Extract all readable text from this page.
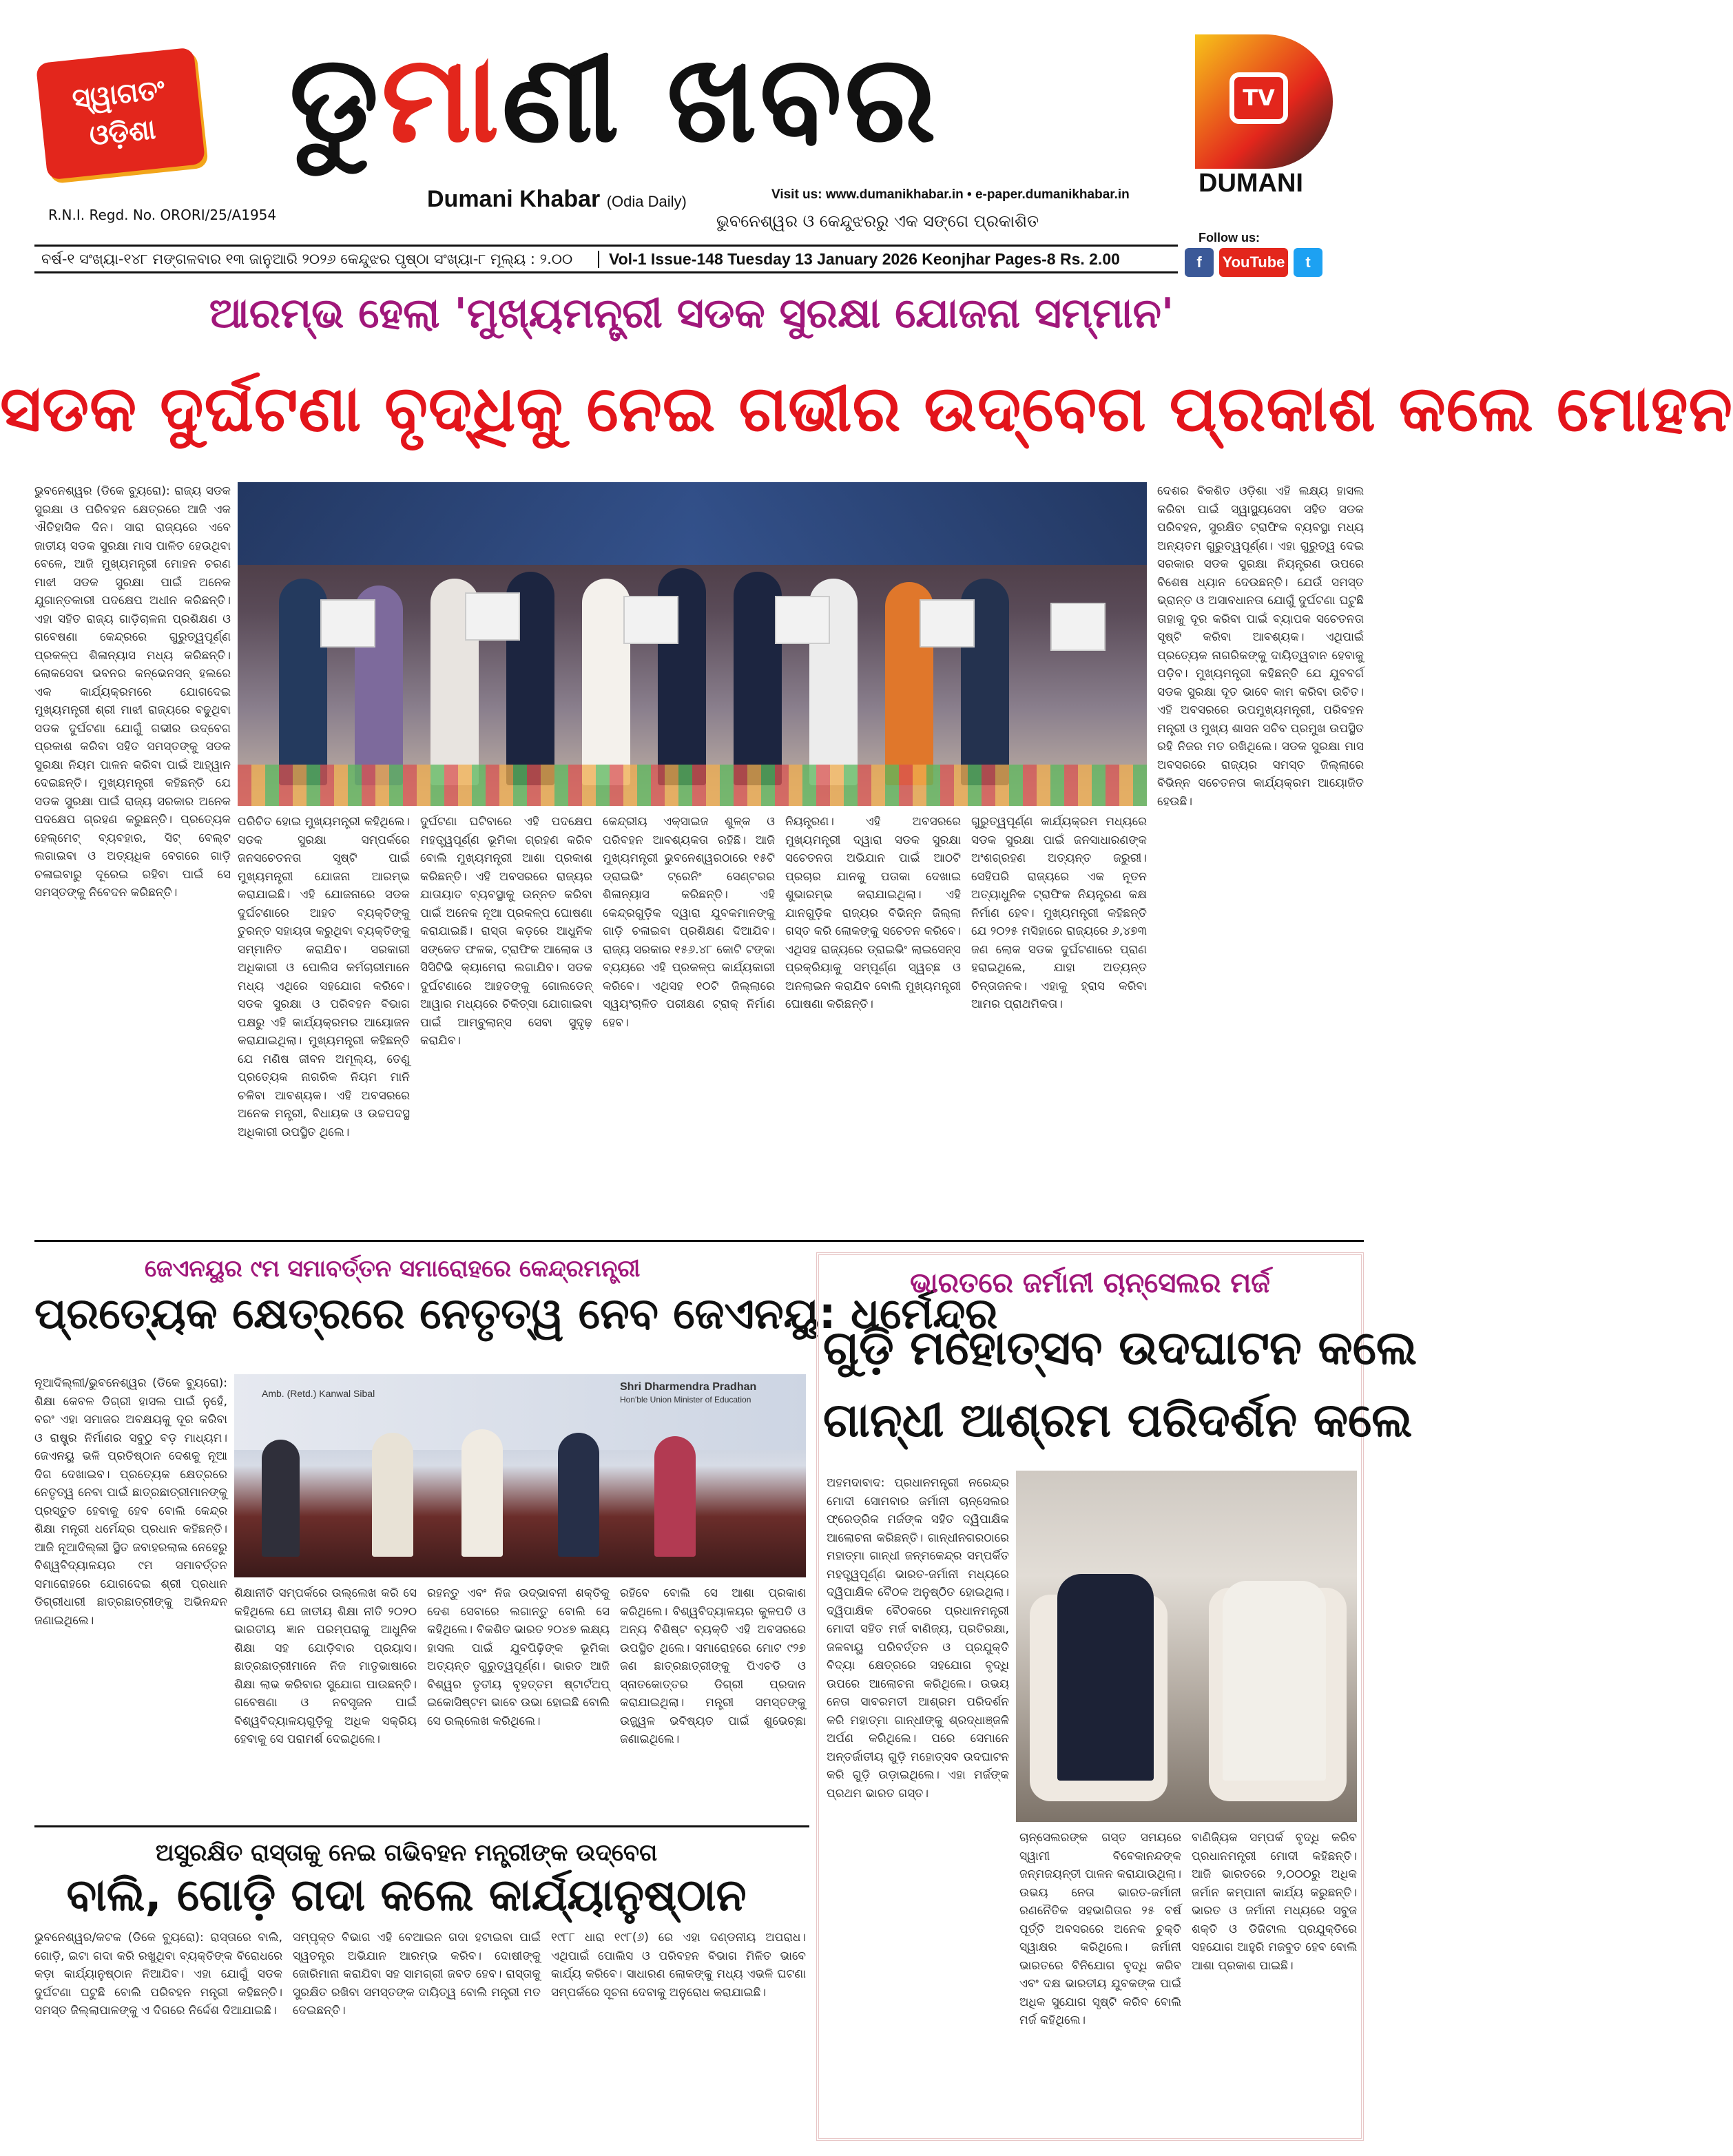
ସ୍ୱାଗତଂ
ଓଡ଼ିଶା
R.N.I. Regd. No. ORORI/25/A1954
ଡୁମାଣୀ ଖବର
Dumani Khabar (Odia Daily)	Visit us: www.dumanikhabar.in • e-paper.dumanikhabar.in
ଭୁବନେଶ୍ୱର ଓ କେନ୍ଦୁଝରରୁ ଏକ ସଙ୍ଗେ ପ୍ରକାଶିତ
TV
DUMANI
Follow us:
f	YouTube	t
ବର୍ଷ-୧ ସଂଖ୍ୟା-୧୪୮ ମଙ୍ଗଳବାର ୧୩ ଜାନୁଆରି ୨୦୨୬ କେନ୍ଦୁଝର ପୃଷ୍ଠା ସଂଖ୍ୟା-୮ ମୂଲ୍ୟ : ୨.୦୦	Vol-1 Issue-148 Tuesday 13 January 2026 Keonjhar Pages-8 Rs. 2.00
ଆରମ୍ଭ ହେଲା 'ମୁଖ୍ୟମନ୍ତ୍ରୀ ସଡକ ସୁରକ୍ଷା ଯୋଜନା ସମ୍ମାନ'
ସଡକ ଦୁର୍ଘଟଣା ବୃଦ୍ଧିକୁ ନେଇ ଗଭୀର ଉଦ୍‌ବେଗ ପ୍ରକାଶ କଲେ ମୋହନ
ଭୁବନେଶ୍ୱର (ଡିକେ ବ୍ୟୁରୋ): ରାଜ୍ୟ ସଡକ ସୁରକ୍ଷା ଓ ପରିବହନ କ୍ଷେତ୍ରରେ ଆଜି ଏକ ଐତିହାସିକ ଦିନ। ସାରା ରାଜ୍ୟରେ ଏବେ ଜାତୀୟ ସଡକ ସୁରକ୍ଷା ମାସ ପାଳିତ ହେଉଥିବା ବେଳେ, ଆଜି ମୁଖ୍ୟମନ୍ତ୍ରୀ ମୋହନ ଚରଣ ମାଝୀ ସଡକ ସୁରକ୍ଷା ପାଇଁ ଅନେକ ଯୁଗାନ୍ତକାରୀ ପଦକ୍ଷେପ ଅଧୀନ କରିଛନ୍ତି। ଏହା ସହିତ ରାଜ୍ୟ ଗାଡ଼ିଚାଳନା ପ୍ରଶିକ୍ଷଣ ଓ ଗବେଷଣା କେନ୍ଦ୍ରରେ ଗୁରୁତ୍ୱପୂର୍ଣ୍ଣ ପ୍ରକଳ୍ପ ଶିଳାନ୍ୟାସ ମଧ୍ୟ କରିଛନ୍ତି। ଲୋକସେବା ଭବନର କନ୍‌ଭେନସନ୍ ହଲରେ ଏକ କାର୍ଯ୍ୟକ୍ରମରେ ଯୋଗଦେଇ ମୁଖ୍ୟମନ୍ତ୍ରୀ ଶ୍ରୀ ମାଝୀ ରାଜ୍ୟରେ ବଢୁଥିବା ସଡକ ଦୁର୍ଘଟଣା ଯୋଗୁଁ ଗଭୀର ଉଦ୍‌ବେଗ ପ୍ରକାଶ କରିବା ସହିତ ସମସ୍ତଙ୍କୁ ସଡକ ସୁରକ୍ଷା ନିୟମ ପାଳନ କରିବା ପାଇଁ ଆହ୍ୱାନ ଦେଇଛନ୍ତି। ମୁଖ୍ୟମନ୍ତ୍ରୀ କହିଛନ୍ତି ଯେ ସଡକ ସୁରକ୍ଷା ପାଇଁ ରାଜ୍ୟ ସରକାର ଅନେକ ପଦକ୍ଷେପ ଗ୍ରହଣ କରୁଛନ୍ତି। ପ୍ରତ୍ୟେକ ହେଲ୍‌ମେଟ୍ ବ୍ୟବହାର, ସିଟ୍ ବେଲ୍ଟ ଲଗାଇବା ଓ ଅତ୍ୟଧିକ ବେଗରେ ଗାଡ଼ି ଚଳାଇବାରୁ ଦୂରେଇ ରହିବା ପାଇଁ ସେ ସମସ୍ତଙ୍କୁ ନିବେଦନ କରିଛନ୍ତି।
ଦେଶର ବିକଶିତ ଓଡ଼ିଶା ଏହି ଲକ୍ଷ୍ୟ ହାସଲ କରିବା ପାଇଁ ସ୍ୱାସ୍ଥ୍ୟସେବା ସହିତ ସଡକ ପରିବହନ, ସୁରକ୍ଷିତ ଟ୍ରାଫିକ ବ୍ୟବସ୍ଥା ମଧ୍ୟ ଅନ୍ୟତମ ଗୁରୁତ୍ୱପୂର୍ଣ୍ଣ। ଏହା ଗୁରୁତ୍ୱ ଦେଇ ସରକାର ସଡକ ସୁରକ୍ଷା ନିୟନ୍ତ୍ରଣ ଉପରେ ବିଶେଷ ଧ୍ୟାନ ଦେଉଛନ୍ତି। ଯେଉଁ ସମସ୍ତ ଭ୍ରାନ୍ତ ଓ ଅସାବଧାନତା ଯୋଗୁଁ ଦୁର୍ଘଟଣା ଘଟୁଛି ତାହାକୁ ଦୂର କରିବା ପାଇଁ ବ୍ୟାପକ ସଚେତନତା ସୃଷ୍ଟି କରିବା ଆବଶ୍ୟକ। ଏଥିପାଇଁ ପ୍ରତ୍ୟେକ ନାଗରିକଙ୍କୁ ଦାୟିତ୍ୱବାନ ହେବାକୁ ପଡ଼ିବ। ମୁଖ୍ୟମନ୍ତ୍ରୀ କହିଛନ୍ତି ଯେ ଯୁବବର୍ଗ ସଡକ ସୁରକ୍ଷା ଦୂତ ଭାବେ କାମ କରିବା ଉଚିତ। ଏହି ଅବସରରେ ଉପମୁଖ୍ୟମନ୍ତ୍ରୀ, ପରିବହନ ମନ୍ତ୍ରୀ ଓ ମୁଖ୍ୟ ଶାସନ ସଚିବ ପ୍ରମୁଖ ଉପସ୍ଥିତ ରହି ନିଜର ମତ ରଖିଥିଲେ। ସଡକ ସୁରକ୍ଷା ମାସ ଅବସରରେ ରାଜ୍ୟର ସମସ୍ତ ଜିଲ୍ଲାରେ ବିଭିନ୍ନ ସଚେତନତା କାର୍ଯ୍ୟକ୍ରମ ଆୟୋଜିତ ହେଉଛି।
ପରିଚିତ ହୋଇ ମୁଖ୍ୟମନ୍ତ୍ରୀ କହିଥିଲେ। ସଡକ ସୁରକ୍ଷା ସମ୍ପର୍କରେ ଜନସଚେତନତା ସୃଷ୍ଟି ପାଇଁ ମୁଖ୍ୟମନ୍ତ୍ରୀ ଯୋଜନା ଆରମ୍ଭ କରାଯାଇଛି। ଏହି ଯୋଜନାରେ ସଡକ ଦୁର୍ଘଟଣାରେ ଆହତ ବ୍ୟକ୍ତିଙ୍କୁ ତୁରନ୍ତ ସହାୟତା କରୁଥିବା ବ୍ୟକ୍ତିଙ୍କୁ ସମ୍ମାନିତ କରାଯିବ। ସରକାରୀ ଅଧିକାରୀ ଓ ପୋଲିସ କର୍ମଚାରୀମାନେ ମଧ୍ୟ ଏଥିରେ ସହଯୋଗ କରିବେ। ସଡକ ସୁରକ୍ଷା ଓ ପରିବହନ ବିଭାଗ ପକ୍ଷରୁ ଏହି କାର୍ଯ୍ୟକ୍ରମର ଆୟୋଜନ କରାଯାଇଥିଲା। ମୁଖ୍ୟମନ୍ତ୍ରୀ କହିଛନ୍ତି ଯେ ମଣିଷ ଜୀବନ ଅମୂଲ୍ୟ, ତେଣୁ ପ୍ରତ୍ୟେକ ନାଗରିକ ନିୟମ ମାନି ଚଳିବା ଆବଶ୍ୟକ। ଏହି ଅବସରରେ ଅନେକ ମନ୍ତ୍ରୀ, ବିଧାୟକ ଓ ଉଚ୍ଚପଦସ୍ଥ ଅଧିକାରୀ ଉପସ୍ଥିତ ଥିଲେ।
ଦୁର୍ଘଟଣା ଘଟିବାରେ ଏହି ପଦକ୍ଷେପ ମହତ୍ତ୍ୱପୂର୍ଣ୍ଣ ଭୂମିକା ଗ୍ରହଣ କରିବ ବୋଲି ମୁଖ୍ୟମନ୍ତ୍ରୀ ଆଶା ପ୍ରକାଶ କରିଛନ୍ତି। ଏହି ଅବସରରେ ରାଜ୍ୟର ଯାତାୟାତ ବ୍ୟବସ୍ଥାକୁ ଉନ୍ନତ କରିବା ପାଇଁ ଅନେକ ନୂଆ ପ୍ରକଳ୍ପ ଘୋଷଣା କରାଯାଇଛି। ରାସ୍ତା କଡ଼ରେ ଆଧୁନିକ ସଙ୍କେତ ଫଳକ, ଟ୍ରାଫିକ ଆଲୋକ ଓ ସିସିଟିଭି କ୍ୟାମେରା ଲଗାଯିବ। ସଡକ ଦୁର୍ଘଟଣାରେ ଆହତଙ୍କୁ ଗୋଲଡେନ୍ ଆୱାର ମଧ୍ୟରେ ଚିକିତ୍ସା ଯୋଗାଇବା ପାଇଁ ଆମ୍ବୁଲାନ୍ସ ସେବା ସୁଦୃଢ଼ କରାଯିବ।
କେନ୍ଦ୍ରୀୟ ଏକ୍ସାଇଜ ଶୁଳ୍କ ଓ ପରିବହନ ଆବଶ୍ୟକତା ରହିଛି। ଆଜି ମୁଖ୍ୟମନ୍ତ୍ରୀ ଭୁବନେଶ୍ୱରଠାରେ ୧୫ଟି ଡ୍ରାଇଭିଂ ଟ୍ରେନିଂ ସେଣ୍ଟରର ଶିଳାନ୍ୟାସ କରିଛନ୍ତି। ଏହି କେନ୍ଦ୍ରଗୁଡ଼ିକ ଦ୍ୱାରା ଯୁବକମାନଙ୍କୁ ଗାଡ଼ି ଚଳାଇବା ପ୍ରଶିକ୍ଷଣ ଦିଆଯିବ। ରାଜ୍ୟ ସରକାର ୧୫୬.୪୮ କୋଟି ଟଙ୍କା ବ୍ୟୟରେ ଏହି ପ୍ରକଳ୍ପ କାର୍ଯ୍ୟକାରୀ କରିବେ। ଏଥିସହ ୧୦ଟି ଜିଲ୍ଲାରେ ସ୍ୱୟଂଚାଳିତ ପରୀକ୍ଷଣ ଟ୍ରାକ୍ ନିର୍ମାଣ ହେବ।
ନିୟନ୍ତ୍ରଣ। ଏହି ଅବସରରେ ମୁଖ୍ୟମନ୍ତ୍ରୀ ଦ୍ୱାରା ସଡକ ସୁରକ୍ଷା ସଚେତନତା ଅଭିଯାନ ପାଇଁ ଆଠଟି ପ୍ରଚାର ଯାନକୁ ପତାକା ଦେଖାଇ ଶୁଭାରମ୍ଭ କରାଯାଇଥିଲା। ଏହି ଯାନଗୁଡ଼ିକ ରାଜ୍ୟର ବିଭିନ୍ନ ଜିଲ୍ଲା ଗସ୍ତ କରି ଲୋକଙ୍କୁ ସଚେତନ କରିବେ। ଏଥିସହ ରାଜ୍ୟରେ ଡ୍ରାଇଭିଂ ଲାଇସେନ୍ସ ପ୍ରକ୍ରିୟାକୁ ସମ୍ପୂର୍ଣ୍ଣ ସ୍ୱଚ୍ଛ ଓ ଅନଲାଇନ କରାଯିବ ବୋଲି ମୁଖ୍ୟମନ୍ତ୍ରୀ ଘୋଷଣା କରିଛନ୍ତି।
ଗୁରୁତ୍ୱପୂର୍ଣ୍ଣ କାର୍ଯ୍ୟକ୍ରମ ମଧ୍ୟରେ ସଡକ ସୁରକ୍ଷା ପାଇଁ ଜନସାଧାରଣଙ୍କ ଅଂଶଗ୍ରହଣ ଅତ୍ୟନ୍ତ ଜରୁରୀ। ସେହିପରି ରାଜ୍ୟରେ ଏକ ନୂତନ ଅତ୍ୟାଧୁନିକ ଟ୍ରାଫିକ ନିୟନ୍ତ୍ରଣ କକ୍ଷ ନିର୍ମାଣ ହେବ। ମୁଖ୍ୟମନ୍ତ୍ରୀ କହିଛନ୍ତି ଯେ ୨୦୨୫ ମସିହାରେ ରାଜ୍ୟରେ ୬,୪୭୩ ଜଣ ଲୋକ ସଡକ ଦୁର୍ଘଟଣାରେ ପ୍ରାଣ ହରାଇଥିଲେ, ଯାହା ଅତ୍ୟନ୍ତ ଚିନ୍ତାଜନକ। ଏହାକୁ ହ୍ରାସ କରିବା ଆମର ପ୍ରାଥମିକତା।
ଜେଏନୟୁର ୯ମ ସମାବର୍ତ୍ତନ ସମାରୋହରେ କେନ୍ଦ୍ରମନ୍ତ୍ରୀ
ପ୍ରତ୍ୟେକ କ୍ଷେତ୍ରରେ ନେତୃତ୍ୱ ନେବ ଜେଏନୟୁ: ଧର୍ମେନ୍ଦ୍ର
ନୂଆଦିଲ୍ଲୀ/ଭୁବନେଶ୍ୱର (ଡିକେ ବ୍ୟୁରୋ): ଶିକ୍ଷା କେବଳ ଡିଗ୍ରୀ ହାସଲ ପାଇଁ ନୁହେଁ, ବରଂ ଏହା ସମାଜର ଅବକ୍ଷୟକୁ ଦୂର କରିବା ଓ ରାଷ୍ଟ୍ର ନିର୍ମାଣର ସବୁଠୁ ବଡ଼ ମାଧ୍ୟମ। ଜେଏନୟୁ ଭଳି ପ୍ରତିଷ୍ଠାନ ଦେଶକୁ ନୂଆ ଦିଗ ଦେଖାଇବ। ପ୍ରତ୍ୟେକ କ୍ଷେତ୍ରରେ ନେତୃତ୍ୱ ନେବା ପାଇଁ ଛାତ୍ରଛାତ୍ରୀମାନଙ୍କୁ ପ୍ରସ୍ତୁତ ହେବାକୁ ହେବ ବୋଲି କେନ୍ଦ୍ର ଶିକ୍ଷା ମନ୍ତ୍ରୀ ଧର୍ମେନ୍ଦ୍ର ପ୍ରଧାନ କହିଛନ୍ତି। ଆଜି ନୂଆଦିଲ୍ଲୀ ସ୍ଥିତ ଜବାହରଲାଲ ନେହେରୁ ବିଶ୍ୱବିଦ୍ୟାଳୟର ୯ମ ସମାବର୍ତ୍ତନ ସମାରୋହରେ ଯୋଗଦେଇ ଶ୍ରୀ ପ୍ରଧାନ ଡିଗ୍ରୀଧାରୀ ଛାତ୍ରଛାତ୍ରୀଙ୍କୁ ଅଭିନନ୍ଦନ ଜଣାଇଥିଲେ।
Amb. (Retd.) Kanwal Sibal
Shri Dharmendra Pradhan
Hon'ble Union Minister of Education
ଶିକ୍ଷାନୀତି ସମ୍ପର୍କରେ ଉଲ୍ଲେଖ କରି ସେ କହିଥିଲେ ଯେ ଜାତୀୟ ଶିକ୍ଷା ନୀତି ୨୦୨୦ ଭାରତୀୟ ଜ୍ଞାନ ପରମ୍ପରାକୁ ଆଧୁନିକ ଶିକ୍ଷା ସହ ଯୋଡ଼ିବାର ପ୍ରୟାସ। ଛାତ୍ରଛାତ୍ରୀମାନେ ନିଜ ମାତୃଭାଷାରେ ଶିକ୍ଷା ଲାଭ କରିବାର ସୁଯୋଗ ପାଉଛନ୍ତି। ଗବେଷଣା ଓ ନବସୃଜନ ପାଇଁ ବିଶ୍ୱବିଦ୍ୟାଳୟଗୁଡ଼ିକୁ ଅଧିକ ସକ୍ରିୟ ହେବାକୁ ସେ ପରାମର୍ଶ ଦେଇଥିଲେ।
ରହନ୍ତୁ ଏବଂ ନିଜ ଉଦ୍ଭାବନୀ ଶକ୍ତିକୁ ଦେଶ ସେବାରେ ଲଗାନ୍ତୁ ବୋଲି ସେ କହିଥିଲେ। ବିକଶିତ ଭାରତ ୨୦୪୭ ଲକ୍ଷ୍ୟ ହାସଲ ପାଇଁ ଯୁବପିଢ଼ିଙ୍କ ଭୂମିକା ଅତ୍ୟନ୍ତ ଗୁରୁତ୍ୱପୂର୍ଣ୍ଣ। ଭାରତ ଆଜି ବିଶ୍ୱର ତୃତୀୟ ବୃହତ୍ତମ ଷ୍ଟାର୍ଟଅପ୍ ଇକୋସିଷ୍ଟମ ଭାବେ ଉଭା ହୋଇଛି ବୋଲି ସେ ଉଲ୍ଲେଖ କରିଥିଲେ।
ରହିବେ ବୋଲି ସେ ଆଶା ପ୍ରକାଶ କରିଥିଲେ। ବିଶ୍ୱବିଦ୍ୟାଳୟର କୁଳପତି ଓ ଅନ୍ୟ ବିଶିଷ୍ଟ ବ୍ୟକ୍ତି ଏହି ଅବସରରେ ଉପସ୍ଥିତ ଥିଲେ। ସମାରୋହରେ ମୋଟ ୯୨୭ ଜଣ ଛାତ୍ରଛାତ୍ରୀଙ୍କୁ ପିଏଚଡି ଓ ସ୍ନାତକୋତ୍ତର ଡିଗ୍ରୀ ପ୍ରଦାନ କରାଯାଇଥିଲା। ମନ୍ତ୍ରୀ ସମସ୍ତଙ୍କୁ ଉଜ୍ଜ୍ୱଳ ଭବିଷ୍ୟତ ପାଇଁ ଶୁଭେଚ୍ଛା ଜଣାଇଥିଲେ।
ଭାରତରେ ଜର୍ମାନୀ ଚାନ୍ସେଲର ମର୍ଜ
ଗୁଡ଼ି ମହୋତ୍ସବ ଉଦଘାଟନ କଲେ
ଗାନ୍ଧୀ ଆଶ୍ରମ ପରିଦର୍ଶନ କଲେ
ଅହମଦାବାଦ: ପ୍ରଧାନମନ୍ତ୍ରୀ ନରେନ୍ଦ୍ର ମୋଦୀ ସୋମବାର ଜର୍ମାନୀ ଚାନ୍ସେଲର ଫ୍ରେଡ୍ରିକ ମର୍ଜଙ୍କ ସହିତ ଦ୍ୱିପାକ୍ଷିକ ଆଲୋଚନା କରିଛନ୍ତି। ଗାନ୍ଧୀନଗରଠାରେ ମହାତ୍ମା ଗାନ୍ଧୀ ଜନ୍ମକେନ୍ଦ୍ର ସମ୍ପର୍କିତ ମହତ୍ତ୍ୱପୂର୍ଣ୍ଣ ଭାରତ-ଜର୍ମାନୀ ମଧ୍ୟରେ ଦ୍ୱିପାକ୍ଷିକ ବୈଠକ ଅନୁଷ୍ଠିତ ହୋଇଥିଲା। ଦ୍ୱିପାକ୍ଷିକ ବୈଠକରେ ପ୍ରଧାନମନ୍ତ୍ରୀ ମୋଦୀ ସହିତ ମର୍ଜ ବାଣିଜ୍ୟ, ପ୍ରତିରକ୍ଷା, ଜଳବାୟୁ ପରିବର୍ତ୍ତନ ଓ ପ୍ରଯୁକ୍ତି ବିଦ୍ୟା କ୍ଷେତ୍ରରେ ସହଯୋଗ ବୃଦ୍ଧି ଉପରେ ଆଲୋଚନା କରିଥିଲେ। ଉଭୟ ନେତା ସାବରମତୀ ଆଶ୍ରମ ପରିଦର୍ଶନ କରି ମହାତ୍ମା ଗାନ୍ଧୀଙ୍କୁ ଶ୍ରଦ୍ଧାଞ୍ଜଳି ଅର୍ପଣ କରିଥିଲେ। ପରେ ସେମାନେ ଅନ୍ତର୍ଜାତୀୟ ଗୁଡ଼ି ମହୋତ୍ସବ ଉଦଘାଟନ କରି ଗୁଡ଼ି ଉଡ଼ାଇଥିଲେ। ଏହା ମର୍ଜଙ୍କ ପ୍ରଥମ ଭାରତ ଗସ୍ତ।
ଚାନ୍ସେଲରଙ୍କ ଗସ୍ତ ସମୟରେ ସ୍ୱାମୀ ବିବେକାନନ୍ଦଙ୍କ ଜନ୍ମଜୟନ୍ତୀ ପାଳନ କରାଯାଉଥିଲା। ଉଭୟ ନେତା ଭାରତ-ଜର୍ମାନୀ ରଣନୈତିକ ସହଭାଗିତାର ୨୫ ବର୍ଷ ପୂର୍ତ୍ତି ଅବସରରେ ଅନେକ ଚୁକ୍ତି ସ୍ୱାକ୍ଷର କରିଥିଲେ। ଜର୍ମାନୀ ଭାରତରେ ବିନିଯୋଗ ବୃଦ୍ଧି କରିବ ଏବଂ ଦକ୍ଷ ଭାରତୀୟ ଯୁବକଙ୍କ ପାଇଁ ଅଧିକ ସୁଯୋଗ ସୃଷ୍ଟି କରିବ ବୋଲି ମର୍ଜ କହିଥିଲେ।
ବାଣିଜ୍ୟିକ ସମ୍ପର୍କ ବୃଦ୍ଧି କରିବ ପ୍ରଧାନମନ୍ତ୍ରୀ ମୋଦୀ କହିଛନ୍ତି। ଆଜି ଭାରତରେ ୨,୦୦୦ରୁ ଅଧିକ ଜର୍ମାନ କମ୍ପାନୀ କାର୍ଯ୍ୟ କରୁଛନ୍ତି। ଭାରତ ଓ ଜର୍ମାନୀ ମଧ୍ୟରେ ସବୁଜ ଶକ୍ତି ଓ ଡିଜିଟାଲ ପ୍ରଯୁକ୍ତିରେ ସହଯୋଗ ଆହୁରି ମଜବୁତ ହେବ ବୋଲି ଆଶା ପ୍ରକାଶ ପାଇଛି।
ଅସୁରକ୍ଷିତ ରାସ୍ତାକୁ ନେଇ ଗଭିବହନ ମନ୍ତ୍ରୀଙ୍କ ଉଦ୍‌ବେଗ
ବାଲି, ଗୋଡ଼ି ଗଦା କଲେ କାର୍ଯ୍ୟାନୁଷ୍ଠାନ
ଭୁବନେଶ୍ୱର/କଟକ (ଡିକେ ବ୍ୟୁରୋ): ରାସ୍ତାରେ ବାଲି, ଗୋଡ଼ି, ଇଟା ଗଦା କରି ରଖୁଥିବା ବ୍ୟକ୍ତିଙ୍କ ବିରୋଧରେ କଡ଼ା କାର୍ଯ୍ୟାନୁଷ୍ଠାନ ନିଆଯିବ। ଏହା ଯୋଗୁଁ ସଡକ ଦୁର୍ଘଟଣା ଘଟୁଛି ବୋଲି ପରିବହନ ମନ୍ତ୍ରୀ କହିଛନ୍ତି। ସମସ୍ତ ଜିଲ୍ଲାପାଳଙ୍କୁ ଏ ଦିଗରେ ନିର୍ଦ୍ଦେଶ ଦିଆଯାଇଛି।
ସମ୍ପୃକ୍ତ ବିଭାଗ ଏହି ବେଆଇନ ଗଦା ହଟାଇବା ପାଇଁ ସ୍ୱତନ୍ତ୍ର ଅଭିଯାନ ଆରମ୍ଭ କରିବ। ଦୋଷୀଙ୍କୁ ଜୋରିମାନା କରାଯିବା ସହ ସାମଗ୍ରୀ ଜବତ ହେବ। ରାସ୍ତାକୁ ସୁରକ୍ଷିତ ରଖିବା ସମସ୍ତଙ୍କ ଦାୟିତ୍ୱ ବୋଲି ମନ୍ତ୍ରୀ ମତ ଦେଇଛନ୍ତି।
୧୯୮୮ ଧାରା ୧୯୮(୬) ରେ ଏହା ଦଣ୍ଡନୀୟ ଅପରାଧ। ଏଥିପାଇଁ ପୋଲିସ ଓ ପରିବହନ ବିଭାଗ ମିଳିତ ଭାବେ କାର୍ଯ୍ୟ କରିବେ। ସାଧାରଣ ଲୋକଙ୍କୁ ମଧ୍ୟ ଏଭଳି ଘଟଣା ସମ୍ପର୍କରେ ସୂଚନା ଦେବାକୁ ଅନୁରୋଧ କରାଯାଇଛି।
